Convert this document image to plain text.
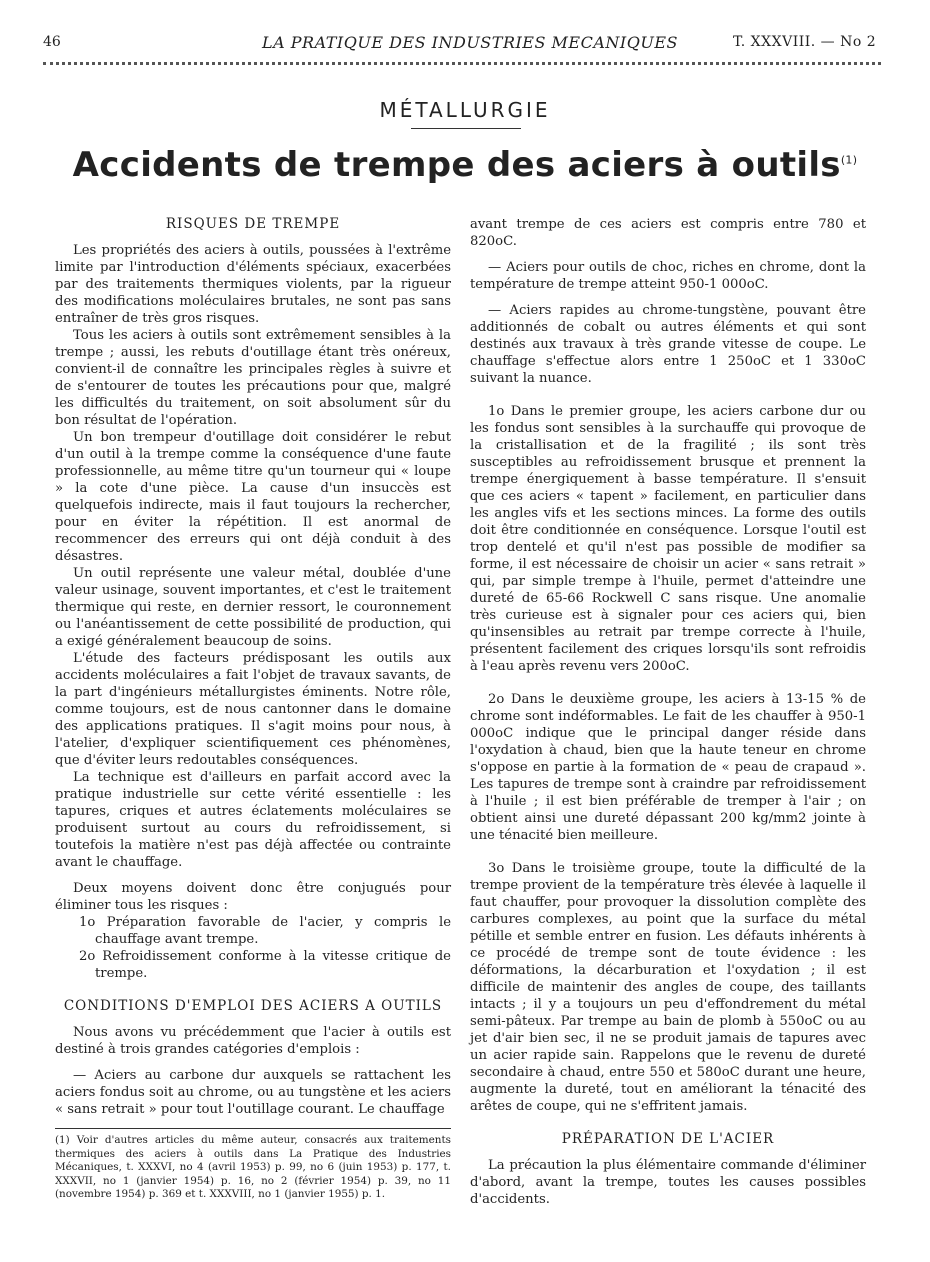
46	LA PRATIQUE DES INDUSTRIES MECANIQUES	T. XXXVIII. — No 2
MÉTALLURGIE
Accidents de trempe des aciers à outils$^{(1)}$
RISQUES DE TREMPE

Les propriétés des aciers à outils, poussées à l'extrême limite par l'introduction d'éléments spéciaux, exacerbées par des traitements thermiques violents, par la rigueur des modifications moléculaires brutales, ne sont pas sans entraîner de très gros risques.

Tous les aciers à outils sont extrêmement sensibles à la trempe ; aussi, les rebuts d'outillage étant très onéreux, convient-il de connaître les principales règles à suivre et de s'entourer de toutes les précautions pour que, malgré les difficultés du traitement, on soit absolument sûr du bon résultat de l'opération.

Un bon trempeur d'outillage doit considérer le rebut d'un outil à la trempe comme la conséquence d'une faute professionnelle, au même titre qu'un tourneur qui « loupe » la cote d'une pièce. La cause d'un insuccès est quelquefois indirecte, mais il faut toujours la rechercher, pour en éviter la répétition. Il est anormal de recommencer des erreurs qui ont déjà conduit à des désastres.

Un outil représente une valeur métal, doublée d'une valeur usinage, souvent importantes, et c'est le traitement thermique qui reste, en dernier ressort, le couronnement ou l'anéantissement de cette possibilité de production, qui a exigé généralement beaucoup de soins.

L'étude des facteurs prédisposant les outils aux accidents moléculaires a fait l'objet de travaux savants, de la part d'ingénieurs métallurgistes éminents. Notre rôle, comme toujours, est de nous cantonner dans le domaine des applications pratiques. Il s'agit moins pour nous, à l'atelier, d'expliquer scientifiquement ces phénomènes, que d'éviter leurs redoutables conséquences.

La technique est d'ailleurs en parfait accord avec la pratique industrielle sur cette vérité essentielle : les tapures, criques et autres éclatements moléculaires se produisent surtout au cours du refroidissement, si toutefois la matière n'est pas déjà affectée ou contrainte avant le chauffage.

Deux moyens doivent donc être conjugués pour éliminer tous les risques :

1o Préparation favorable de l'acier, y compris le chauffage avant trempe.

2o Refroidissement conforme à la vitesse critique de trempe.

CONDITIONS D'EMPLOI DES ACIERS A OUTILS

Nous avons vu précédemment que l'acier à outils est destiné à trois grandes catégories d'emplois :

— Aciers au carbone dur auxquels se rattachent les aciers fondus soit au chrome, ou au tungstène et les aciers « sans retrait » pour tout l'outillage courant. Le chauffage

avant trempe de ces aciers est compris entre 780 et 820oC.

— Aciers pour outils de choc, riches en chrome, dont la température de trempe atteint 950-1 000oC.

— Aciers rapides au chrome-tungstène, pouvant être additionnés de cobalt ou autres éléments et qui sont destinés aux travaux à très grande vitesse de coupe. Le chauffage s'effectue alors entre 1 250oC et 1 330oC suivant la nuance.

1o Dans le premier groupe, les aciers carbone dur ou les fondus sont sensibles à la surchauffe qui provoque de la cristallisation et de la fragilité ; ils sont très susceptibles au refroidissement brusque et prennent la trempe énergiquement à basse température. Il s'ensuit que ces aciers « tapent » facilement, en particulier dans les angles vifs et les sections minces. La forme des outils doit être conditionnée en conséquence. Lorsque l'outil est trop dentelé et qu'il n'est pas possible de modifier sa forme, il est nécessaire de choisir un acier « sans retrait » qui, par simple trempe à l'huile, permet d'atteindre une dureté de 65-66 Rockwell C sans risque. Une anomalie très curieuse est à signaler pour ces aciers qui, bien qu'insensibles au retrait par trempe correcte à l'huile, présentent facilement des criques lorsqu'ils sont refroidis à l'eau après revenu vers 200oC.

2o Dans le deuxième groupe, les aciers à 13-15 % de chrome sont indéformables. Le fait de les chauffer à 950-1 000oC indique que le principal danger réside dans l'oxydation à chaud, bien que la haute teneur en chrome s'oppose en partie à la formation de « peau de crapaud ». Les tapures de trempe sont à craindre par refroidissement à l'huile ; il est bien préférable de tremper à l'air ; on obtient ainsi une dureté dépassant 200 kg/mm2 jointe à une ténacité bien meilleure.

3o Dans le troisième groupe, toute la difficulté de la trempe provient de la température très élevée à laquelle il faut chauffer, pour provoquer la dissolution complète des carbures complexes, au point que la surface du métal pétille et semble entrer en fusion. Les défauts inhérents à ce procédé de trempe sont de toute évidence : les déformations, la décarburation et l'oxydation ; il est difficile de maintenir des angles de coupe, des taillants intacts ; il y a toujours un peu d'effondrement du métal semi-pâteux. Par trempe au bain de plomb à 550oC ou au jet d'air bien sec, il ne se produit jamais de tapures avec un acier rapide sain. Rappelons que le revenu de dureté secondaire à chaud, entre 550 et 580oC durant une heure, augmente la dureté, tout en améliorant la ténacité des arêtes de coupe, qui ne s'effritent jamais.

PRÉPARATION DE L'ACIER

La précaution la plus élémentaire commande d'éliminer d'abord, avant la trempe, toutes les causes possibles d'accidents.

(1) Voir d'autres articles du même auteur, consacrés aux traitements thermiques des aciers à outils dans La Pratique des Industries Mécaniques, t. XXXVI, no 4 (avril 1953) p. 99, no 6 (juin 1953) p. 177, t. XXXVII, no 1 (janvier 1954) p. 16, no 2 (février 1954) p. 39, no 11 (novembre 1954) p. 369 et t. XXXVIII, no 1 (janvier 1955) p. 1.
